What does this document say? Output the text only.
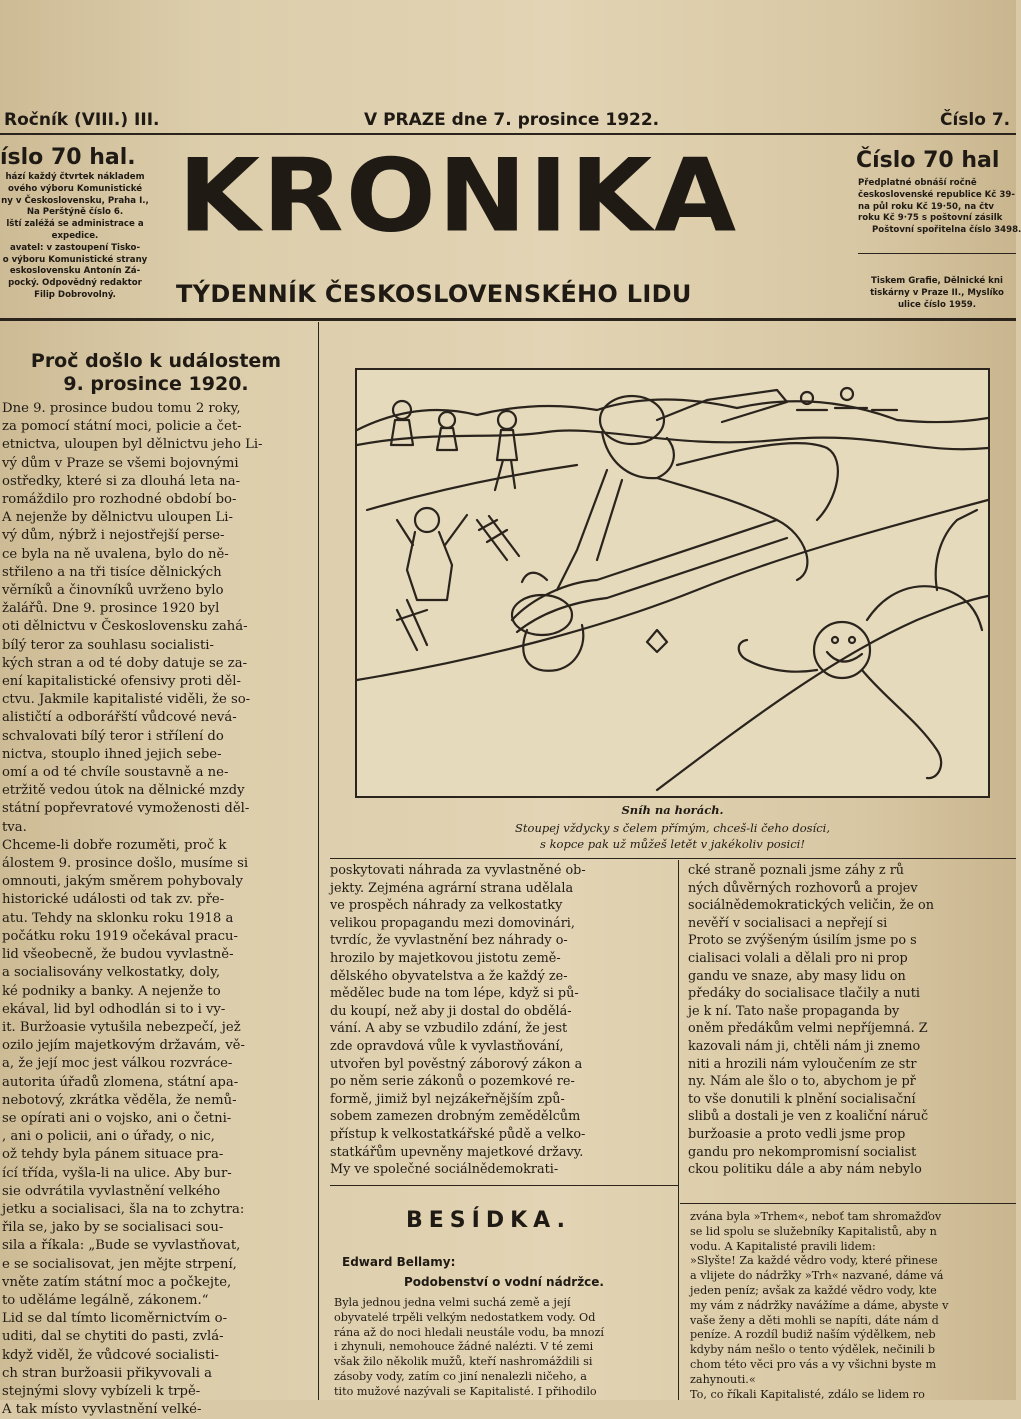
Ročník (VIII.) III.	V PRAZE dne 7. prosince 1922.	Číslo 7.
íslo 70 hal.

hází každý čtvrtek nákladem

ového výboru Komunistické

ny v Československu, Praha I.,

Na Perštýně číslo 6.

lští zaléžá se administrace a

expedice.

avatel: v zastoupení Tisko-

o výboru Komunistické strany

eskoslovensku Antonín Zá-

pocký. Odpovědný redaktor

Filip Dobrovolný.

KRONIKA
TÝDENNÍK ČESKOSLOVENSKÉHO LIDU
Číslo 70 hal

Předplatné obnáší ročně

československé republice Kč 39-

na půl roku Kč 19·50, na čtv

roku Kč 9·75 s poštovní zásilk

Poštovní spořitelna číslo 3498.

Tiskem Grafie, Dělnické kni

tiskárny v Praze II., Myslíko

ulice číslo 1959.

Proč došlo k událostem
9. prosince 1920.

Dne 9. prosince budou tomu 2 roky,

za pomocí státní moci, policie a čet-

etnictva, uloupen byl dělnictvu jeho Li-

vý dům v Praze se všemi bojovnými

ostředky, které si za dlouhá leta na-

romáždilo pro rozhodné období bo-

A nejenže by dělnictvu uloupen Li-

vý dům, nýbrž i nejostřejší perse-

ce byla na ně uvalena, bylo do ně-

střileno a na tři tisíce dělnických

věrníků a činovníků uvrženo bylo

žalářů. Dne 9. prosince 1920 byl

oti dělnictvu v Československu zahá-

bílý teror za souhlasu socialisti-

kých stran a od té doby datuje se za-

ení kapitalistické ofensivy proti děl-

ctvu. Jakmile kapitalisté viděli, že so-

alističtí a odborářští vůdcové nevá-

schvalovati bílý teror i střílení do

nictva, stouplo ihned jejich sebe-

omí a od té chvíle soustavně a ne-

etržitě vedou útok na dělnické mzdy

státní popřevratové vymoženosti děl-

tva.

Chceme-li dobře rozuměti, proč k

álostem 9. prosince došlo, musíme si

omnouti, jakým směrem pohybovaly

historické události od tak zv. pře-

atu. Tehdy na sklonku roku 1918 a

počátku roku 1919 očekával pracu-

lid všeobecně, že budou vyvlastně-

a socialisovány velkostatky, doly,

ké podniky a banky. A nejenže to

ekával, lid byl odhodlán si to i vy-

it. Buržoasie vytušila nebezpečí, jež

ozilo jejím majetkovým državám, vě-

a, že její moc jest válkou rozvrácе-

autorita úřadů zlomena, státní apa-

nebotový, zkrátka věděla, že nemů-

se opírati ani o vojsko, ani o četni-

, ani o policii, ani o úřady, o nic,

ož tehdy byla pánem situace pra-

ící třída, vyšla-li na ulice. Aby bur-

sie odvrátila vyvlastnění velkého

jetku a socialisaci, šla na to zchytra:

řila se, jako by se socialisaci sou-

sila a říkala: „Bude se vyvlastňovat,

e se socialisovat, jen mějte strpení,

vněte zatím státní moc a počkejte,

to uděláme legálně, zákonem.“

Lid se dal tímto licoměrnictvím o-

uditi, dal se chytiti do pasti, zvlá-

když viděl, že vůdcové socialisti-

ch stran buržoasii přikyvovali a

stejnými slovy vybízeli k trpě-

A tak místo vyvlastnění velké-

Sníh na horách.
Stoupej vždycky s čelem přímým, chceš-li čeho dosíci,
s kopce pak už můžeš letět v jakékoliv posici!

poskytovati náhrada za vyvlastněné ob-

jekty. Zejména agrární strana udělala

ve prospěch náhrady za velkostatky

velikou propagandu mezi domovinári,

tvrdíc, že vyvlastnění bez náhrady o-

hrozilo by majetkovou jistotu země-

dělského obyvatelstva a že každý ze-

mědělec bude na tom lépe, když si pů-

du koupí, než aby ji dostal do obdělá-

vání. A aby se vzbudilo zdání, že jest

zde opravdová vůle k vyvlastňování,

utvořen byl pověstný záborový zákon a

po něm serie zákonů o pozemkové re-

formě, jimiž byl nejzákeřnějším způ-

sobem zamezen drobným zemědělcům

přístup k velkostatkářské půdě a velko-

statkářům upevněny majetkové državy.

My ve společné sociálnědemokrati-

cké straně poznali jsme záhy z rů

ných důvěrných rozhovorů a projev

sociálnědemokratických veličin, že on

nevěří v socialisaci a nepřejí si

Proto se zvýšeným úsilím jsme po s

cialisaci volali a dělali pro ni prop

gandu ve snaze, aby masy lidu on

předáky do socialisace tlačily a nuti

je k ní. Tato naše propaganda by

oněm předákům velmi nepříjemná. Z

kazovali nám ji, chtěli nám ji znemo

niti a hrozili nám vyloučením ze str

ny. Nám ale šlo o to, abychom je př

to vše donutili k plnění socialisační

slibů a dostali je ven z koaliční náruč

buržoasie a proto vedli jsme prop

gandu pro nekompromisní socialist

ckou politiku dále a aby nám nebylo

BESÍDKA.
Edward Bellamy:
Podobenství o vodní nádržce.

Byla jednou jedna velmi suchá země a její

obyvatelé trpěli velkým nedostatkem vody. Od

rána až do noci hledali neustále vodu, ba mnozí

i zhynuli, nemohouce žádné nalézti. V té zemi

však žilo několik mužů, kteří nashromáždili si

zásoby vody, zatím co jiní nenalezli ničeho, a

tito mužové nazývali se Kapitalisté. I přihodilo

zvána byla »Trhem«, neboť tam shromažďov

se lid spolu se služebníky Kapitalistů, aby n

vodu. A Kapitalisté pravili lidem:

»Slyšte! Za každé vědro vody, které přinese

a vlijete do nádržky »Trh« nazvané, dáme vá

jeden peníz; avšak za každé vědro vody, kte

my vám z nádržky navážíme a dáme, abyste v

vaše ženy a děti mohli se napíti, dáte nám d

peníze. A rozdíl budiž naším výdělkem, neb

kdyby nám nešlo o tento výdělek, nečinili b

chom této věci pro vás a vy všichni byste m

zahynouti.«

To, co říkali Kapitalisté, zdálo se lidem ro
